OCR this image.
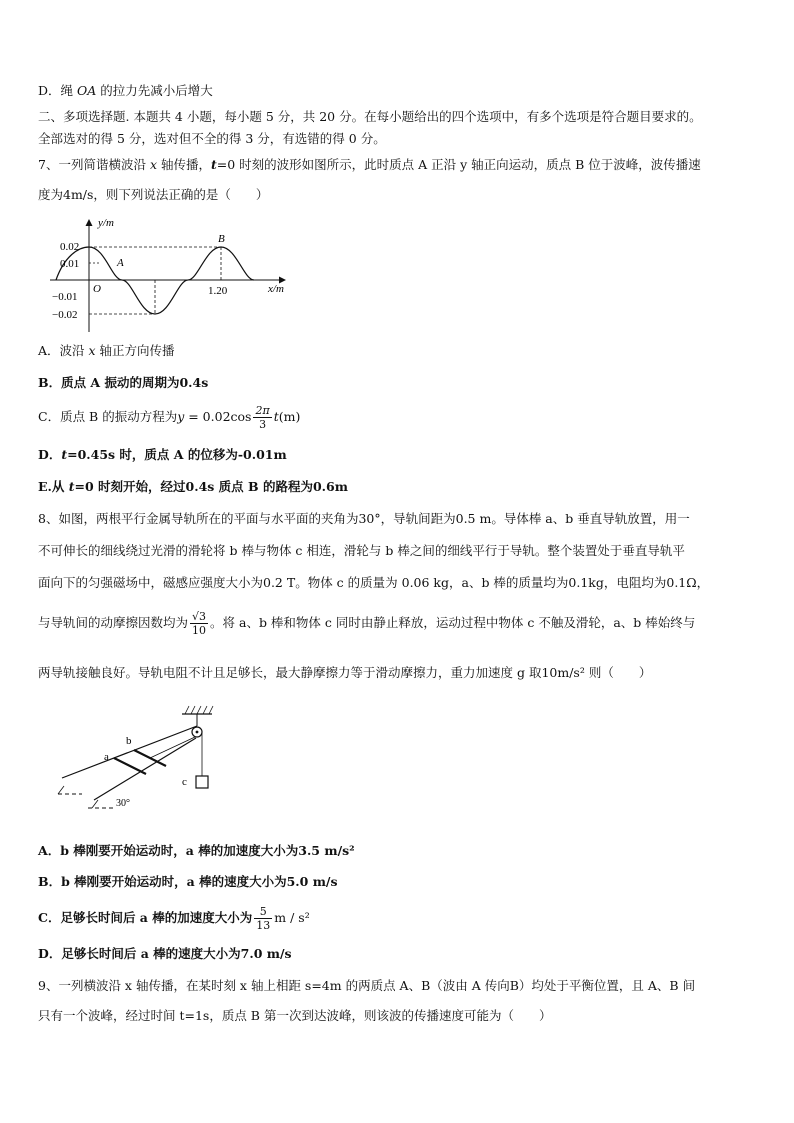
D．绳 OA 的拉力先减小后增大
二、多项选择题. 本题共 4 小题，每小题 5 分，共 20 分。在每小题给出的四个选项中，有多个选项是符合题目要求的。
全部选对的得 5 分，选对但不全的得 3 分，有选错的得 0 分。
7、一列简谐横波沿 x 轴传播，t=0 时刻的波形如图所示，此时质点 A 正沿 y 轴正向运动，质点 B 位于波峰，波传播速
度为4m/s，则下列说法正确的是（　　）
y/m
x/m
O
0.02
0.01
−0.01
−0.02
1.20
A
B
A．波沿 x 轴正方向传播
B．质点 A 振动的周期为0.4s
C．质点 B 的振动方程为$y = 0.02\cos \frac{2\pi}{3} t(m)$
D．t=0.45s 时，质点 A 的位移为-0.01m
E.从 t=0 时刻开始，经过0.4s 质点 B 的路程为0.6m
8、如图，两根平行金属导轨所在的平面与水平面的夹角为30°，导轨间距为0.5 m。导体棒 a、b 垂直导轨放置，用一
不可伸长的细线绕过光滑的滑轮将 b 棒与物体 c 相连，滑轮与 b 棒之间的细线平行于导轨。整个装置处于垂直导轨平
面向下的匀强磁场中，磁感应强度大小为0.2 T。物体 c 的质量为 0.06 kg，a、b 棒的质量均为0.1kg，电阻均为0.1Ω，
与导轨间的动摩擦因数均为 $\frac{√3}{10}$ 。将 a、b 棒和物体 c 同时由静止释放，运动过程中物体 c 不触及滑轮，a、b 棒始终与
两导轨接触良好。导轨电阻不计且足够长，最大静摩擦力等于滑动摩擦力，重力加速度 g 取10m/s² 则（　　）
a
b
c
30°
A．b 棒刚要开始运动时，a 棒的加速度大小为3.5 m/s²
B．b 棒刚要开始运动时，a 棒的速度大小为5.0 m/s
C．足够长时间后 a 棒的加速度大小为 $\frac{5}{13}$ m / s²
D．足够长时间后 a 棒的速度大小为7.0 m/s
9、一列横波沿 x 轴传播，在某时刻 x 轴上相距 s=4m 的两质点 A、B（波由 A 传向B）均处于平衡位置，且 A、B 间
只有一个波峰，经过时间 t=1s，质点 B 第一次到达波峰，则该波的传播速度可能为（　　）
